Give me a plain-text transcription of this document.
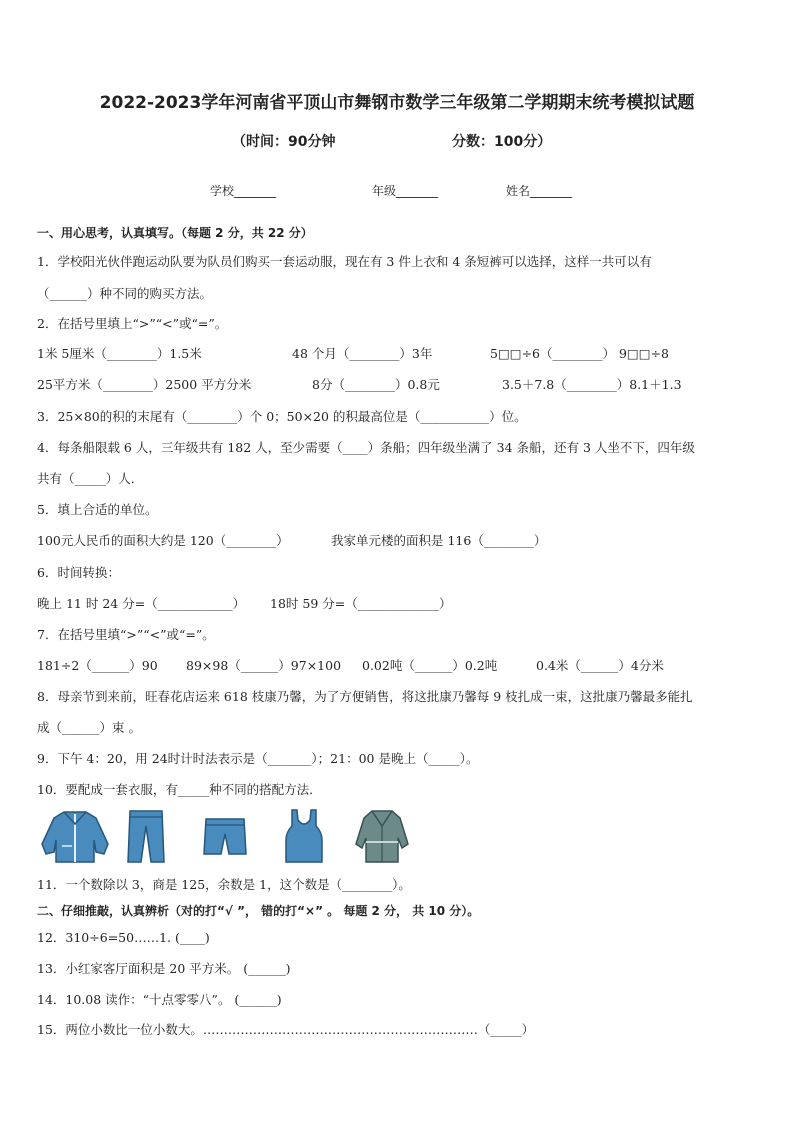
2022-2023学年河南省平顶山市舞钢市数学三年级第二学期期末统考模拟试题
（时间：90分钟	分数：100分）
学校_______	年级_______	姓名_______
一、用心思考，认真填写。（每题 2 分，共 22 分）
1．学校阳光伙伴跑运动队要为队员们购买一套运动服，现在有 3 件上衣和 4 条短裤可以选择，这样一共可以有
（______）种不同的购买方法。
2．在括号里填上“>”“<”或“=”。
1米 5厘米（________）1.5米	48 个月（________）3年	5□□÷6（________） 9□□÷8
25平方米（________）2500 平方分米	8分（________）0.8元	3.5＋7.8（________）8.1＋1.3
3．25×80的积的末尾有（________）个 0；50×20 的积最高位是（___________）位。
4．每条船限载 6 人，三年级共有 182 人，至少需要（____）条船；四年级坐满了 34 条船，还有 3 人坐不下，四年级
共有（_____）人．
5．填上合适的单位。
100元人民币的面积大约是 120（________）	我家单元楼的面积是 116（________）
6．时间转换：
晚上 11 时 24 分=（____________） 18时 59 分=（_____________）
7．在括号里填“>”“<”或“=”。
181÷2（______）90 89×98（______）97×100 0.02吨（______）0.2吨	0.4米（______）4分米
8．母亲节到来前，旺春花店运来 618 枝康乃馨，为了方便销售，将这批康乃馨每 9 枝扎成一束，这批康乃馨最多能扎
成（______）束 。
9．下午 4：20，用 24时计时法表示是（_______）；21：00 是晚上（_____）。
10．要配成一套衣服，有_____种不同的搭配方法．
11．一个数除以 3，商是 125，余数是 1，这个数是（________）。
二、仔细推敲，认真辨析（对的打“√ ”， 错的打“×” 。 每题 2 分， 共 10 分）。
12．310÷6=50……1. (____)
13．小红家客厅面积是 20 平方米。 (______)
14．10.08 读作：“十点零零八”。 (______)
15．两位小数比一位小数大。…………………………………………………………（_____）
